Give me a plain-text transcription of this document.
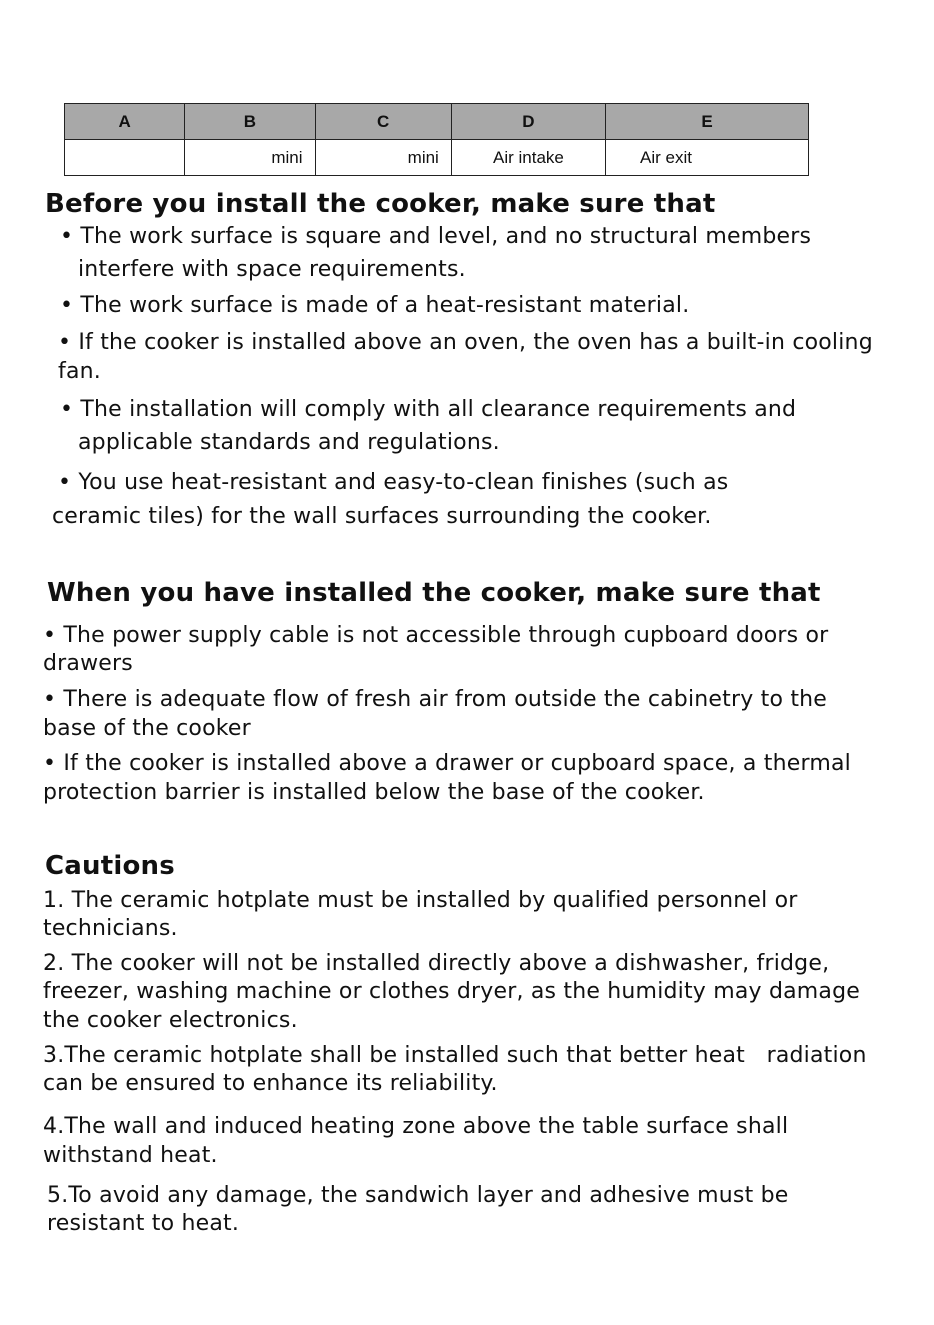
A	B	C	D	E
	mini	mini	Air intake	Air exit
Before you install the cooker, make sure that
• The work surface is square and level, and no structural members
interfere with space requirements.
• The work surface is made of a heat-resistant material.
• If the cooker is installed above an oven, the oven has a built-in cooling
fan.
• The installation will comply with all clearance requirements and
applicable standards and regulations.
• You use heat-resistant and easy-to-clean finishes (such as
ceramic tiles) for the wall surfaces surrounding the cooker.
When you have installed the cooker, make sure that
• The power supply cable is not accessible through cupboard doors or
drawers
• There is adequate flow of fresh air from outside the cabinetry to the
base of the cooker
• If the cooker is installed above a drawer or cupboard space, a thermal
protection barrier is installed below the base of the cooker.
Cautions
1. The ceramic hotplate must be installed by qualified personnel or
technicians.
2. The cooker will not be installed directly above a dishwasher, fridge,
freezer, washing machine or clothes dryer, as the humidity may damage
the cooker electronics.
3.The ceramic hotplate shall be installed such that better heat   radiation
can be ensured to enhance its reliability.
4.The wall and induced heating zone above the table surface shall
withstand heat.
5.To avoid any damage, the sandwich layer and adhesive must be
resistant to heat.
